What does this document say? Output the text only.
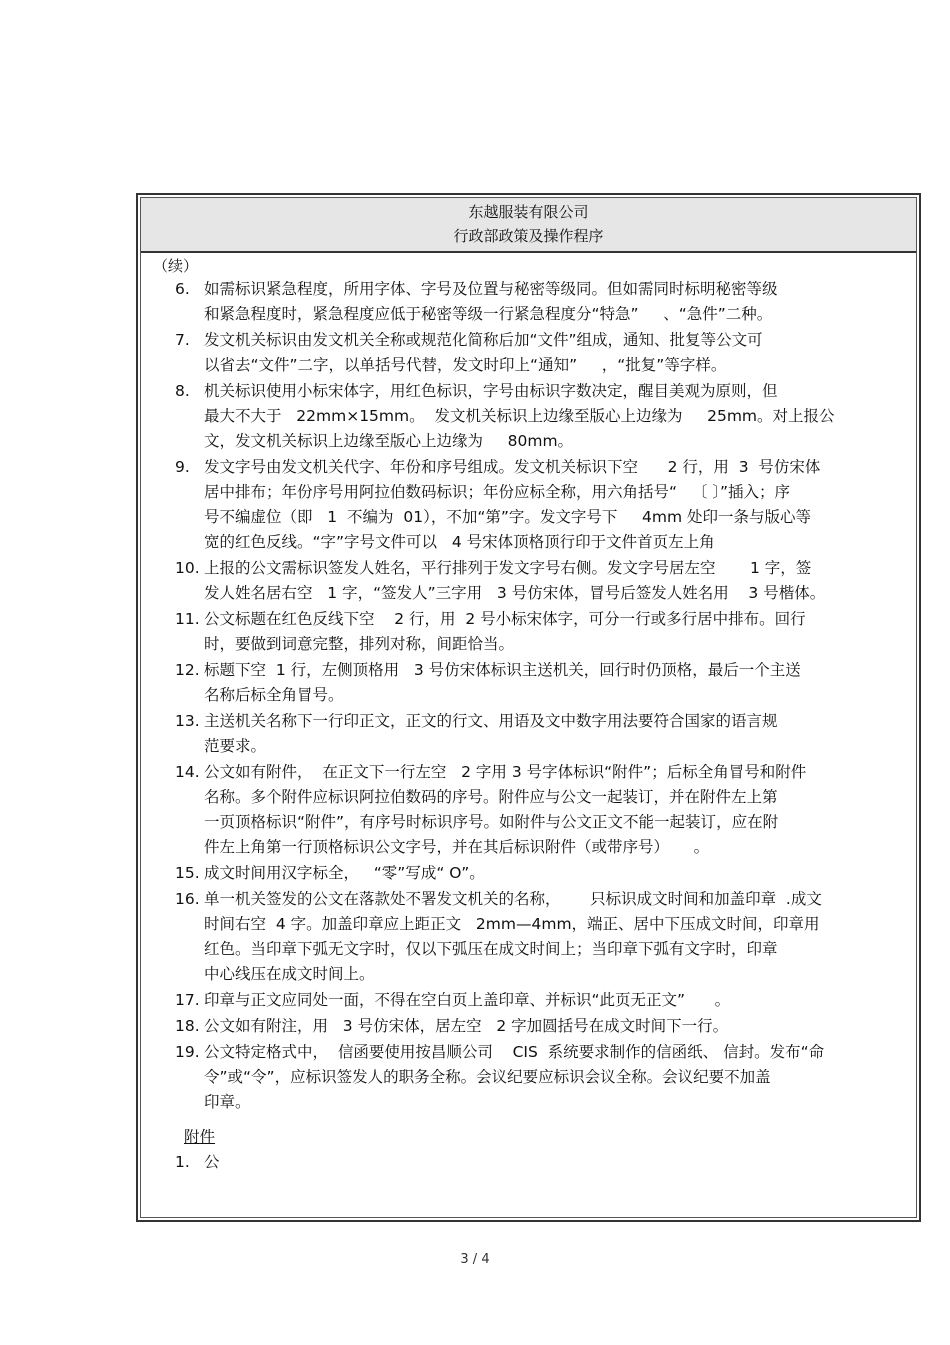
东越服装有限公司
行政部政策及操作程序
（续）
6. 如需标识紧急程度，所用字体、字号及位置与秘密等级同。但如需同时标明秘密等级
和紧急程度时，紧急程度应低于秘密等级一行紧急程度分“特急”     、“急件”二种。
7. 发文机关标识由发文机关全称或规范化简称后加“文件”组成，通知、批复等公文可
以省去“文件”二字，以单括号代替，发文时印上“通知”     ，“批复”等字样。
8. 机关标识使用小标宋体字，用红色标识，字号由标识字数决定，醒目美观为原则，但
最大不大于   22mm×15mm。  发文机关标识上边缘至版心上边缘为     25mm。对上报公
文，发文机关标识上边缘至版心上边缘为     80mm。
9. 发文字号由发文机关代字、年份和序号组成。发文机关标识下空      2 行，用  3  号仿宋体
居中排布；年份序号用阿拉伯数码标识；年份应标全称，用六角括号“   〔 〕”插入；序
号不编虚位（即   1  不编为  01），不加“第”字。发文字号下     4mm 处印一条与版心等
宽的红色反线。“字”字号文件可以   4 号宋体顶格顶行印于文件首页左上角
10. 上报的公文需标识签发人姓名，平行排列于发文字号右侧。发文字号居左空       1 字，签
发人姓名居右空   1 字，“签发人”三字用   3 号仿宋体，冒号后签发人姓名用    3 号楷体。
11. 公文标题在红色反线下空    2 行，用  2 号小标宋体字，可分一行或多行居中排布。回行
时，要做到词意完整，排列对称，间距恰当。
12. 标题下空  1 行，左侧顶格用   3 号仿宋体标识主送机关，回行时仍顶格，最后一个主送
名称后标全角冒号。
13. 主送机关名称下一行印正文，正文的行文、用语及文中数字用法要符合国家的语言规
范要求。
14. 公文如有附件，  在正文下一行左空   2 字用 3 号字体标识“附件”；后标全角冒号和附件
名称。多个附件应标识阿拉伯数码的序号。附件应与公文一起装订，并在附件左上第
一页顶格标识“附件”，有序号时标识序号。如附件与公文正文不能一起装订，应在附
件左上角第一行顶格标识公文字号，并在其后标识附件（或带序号）     。
15. 成文时间用汉字标全，   “零”写成“ O”。
16. 单一机关签发的公文在落款处不署发文机关的名称，      只标识成文时间和加盖印章  .成文
时间右空  4 字。加盖印章应上距正文   2mm—4mm，端正、居中下压成文时间，印章用
红色。当印章下弧无文字时，仅以下弧压在成文时间上；当印章下弧有文字时，印章
中心线压在成文时间上。
17. 印章与正文应同处一面，不得在空白页上盖印章、并标识“此页无正文”      。
18. 公文如有附注，用   3 号仿宋体，居左空   2 字加圆括号在成文时间下一行。
19. 公文特定格式中，  信函要使用按昌顺公司    CIS  系统要求制作的信函纸、 信封。发布“命
令”或“令”，应标识签发人的职务全称。会议纪要应标识会议全称。会议纪要不加盖
印章。
附件
1. 公
3 / 4
